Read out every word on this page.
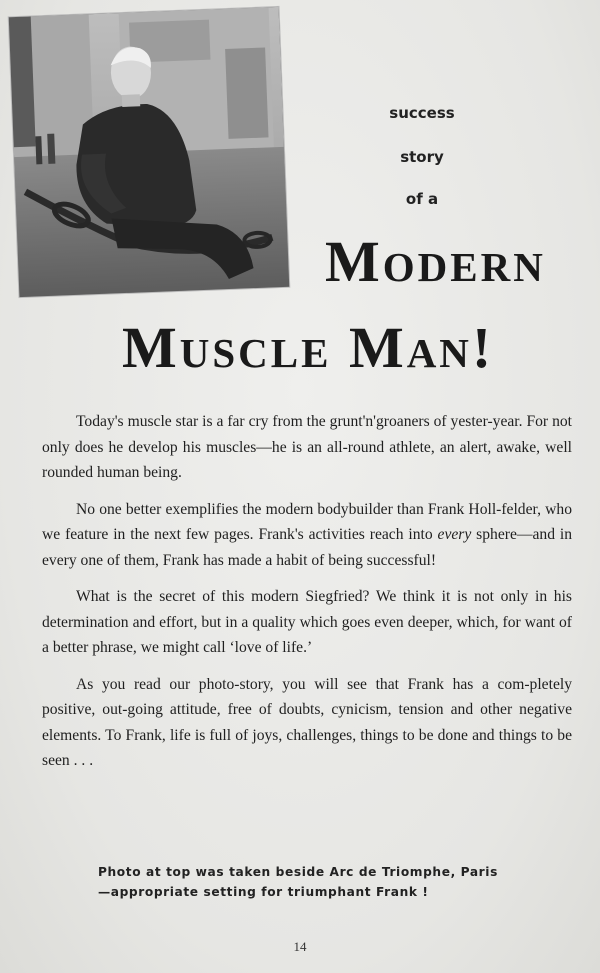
success
story
of a
Modern
Muscle Man!

Today's muscle star is a far cry from the grunt'n'groaners of yester-year. For not only does he develop his muscles—he is an all-round athlete, an alert, awake, well rounded human being.

No one better exemplifies the modern bodybuilder than Frank Holl-felder, who we feature in the next few pages. Frank's activities reach into every sphere—and in every one of them, Frank has made a habit of being successful!

What is the secret of this modern Siegfried? We think it is not only in his determination and effort, but in a quality which goes even deeper, which, for want of a better phrase, we might call ‘love of life.’

As you read our photo-story, you will see that Frank has a com-pletely positive, out-going attitude, free of doubts, cynicism, tension and other negative elements. To Frank, life is full of joys, challenges, things to be done and things to be seen . . .

Photo at top was taken beside Arc de Triomphe, Paris
—appropriate setting for triumphant Frank !
14
